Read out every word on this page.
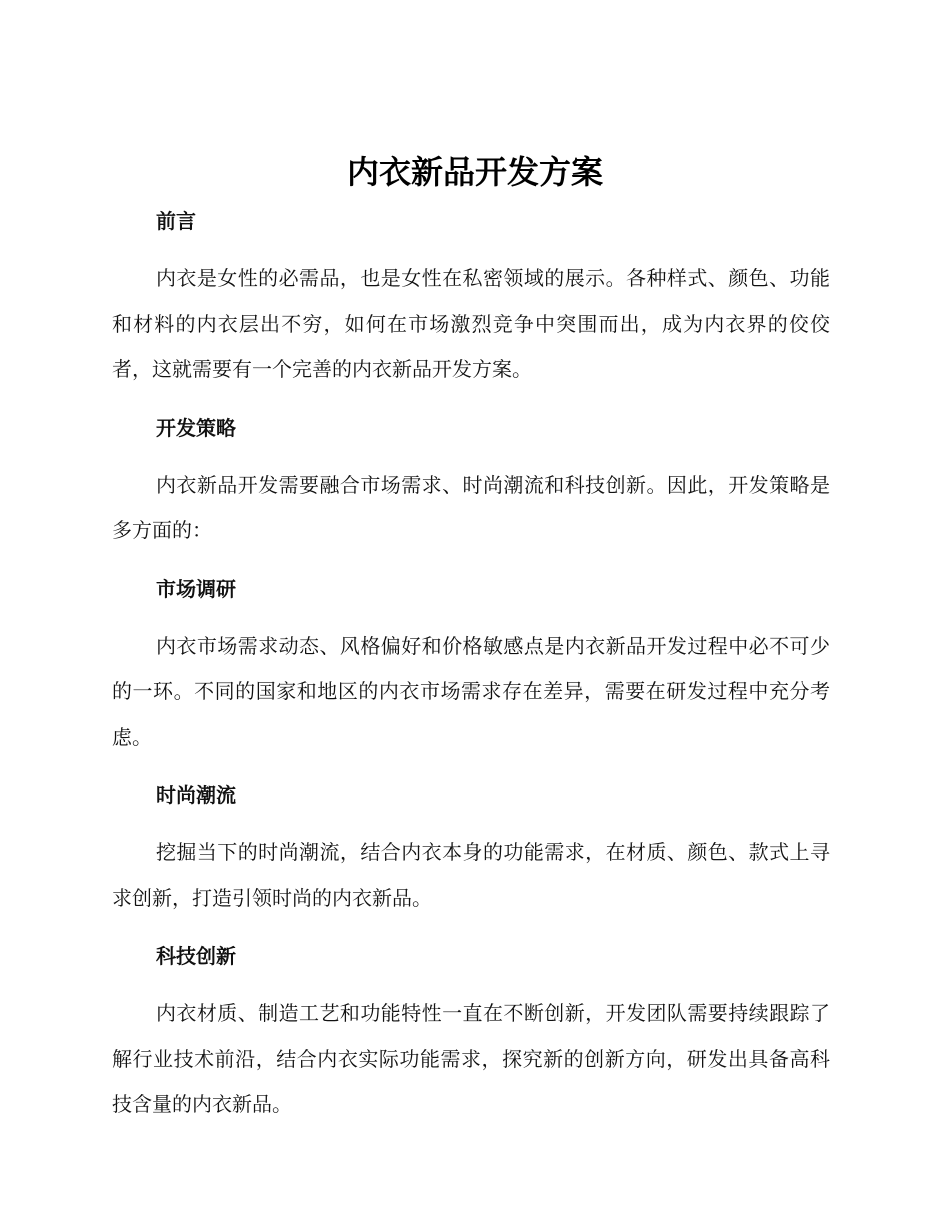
内衣新品开发方案

前言

内衣是女性的必需品，也是女性在私密领域的展示。各种样式、颜色、功能和材料的内衣层出不穷，如何在市场激烈竞争中突围而出，成为内衣界的佼佼者，这就需要有一个完善的内衣新品开发方案。

开发策略

内衣新品开发需要融合市场需求、时尚潮流和科技创新。因此，开发策略是多方面的：

市场调研

内衣市场需求动态、风格偏好和价格敏感点是内衣新品开发过程中必不可少的一环。不同的国家和地区的内衣市场需求存在差异，需要在研发过程中充分考虑。

时尚潮流

挖掘当下的时尚潮流，结合内衣本身的功能需求，在材质、颜色、款式上寻求创新，打造引领时尚的内衣新品。

科技创新

内衣材质、制造工艺和功能特性一直在不断创新，开发团队需要持续跟踪了解行业技术前沿，结合内衣实际功能需求，探究新的创新方向，研发出具备高科技含量的内衣新品。
